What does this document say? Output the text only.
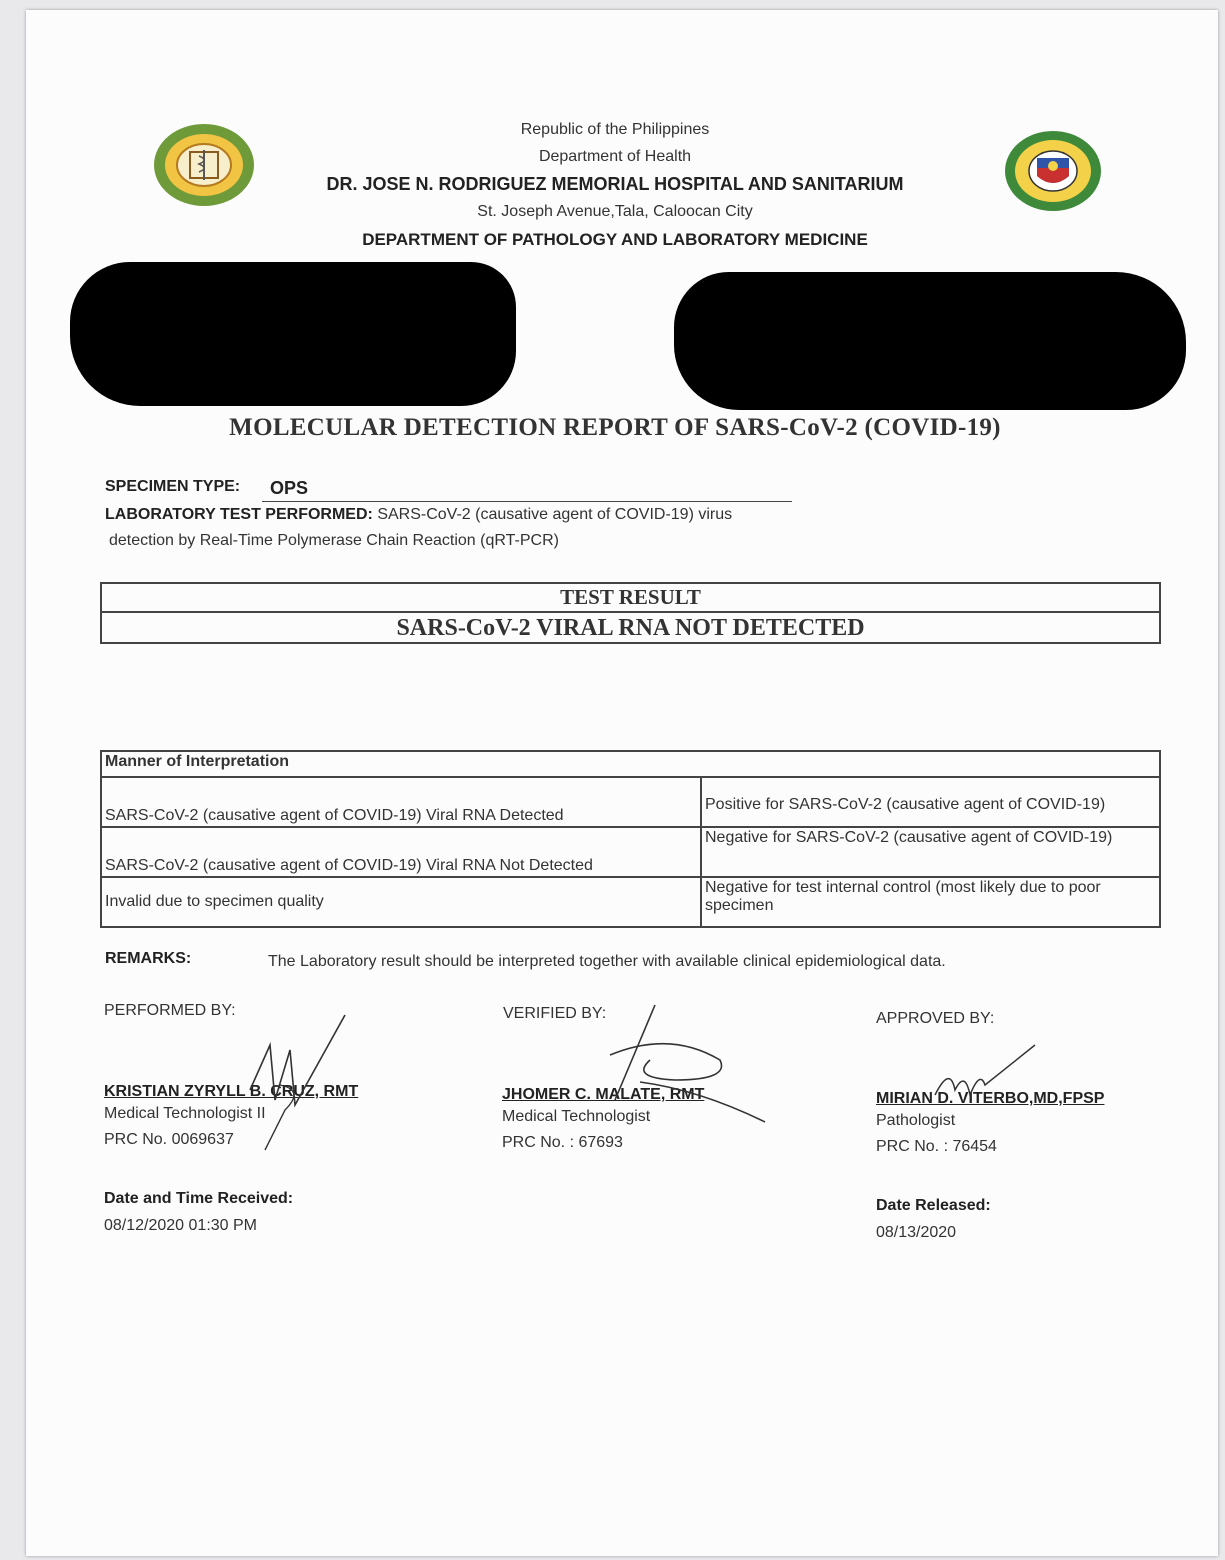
Republic of the Philippines
Department of Health
DR. JOSE N. RODRIGUEZ MEMORIAL HOSPITAL AND SANITARIUM
St. Joseph Avenue,Tala, Caloocan City
DEPARTMENT OF PATHOLOGY AND LABORATORY MEDICINE
MOLECULAR DETECTION REPORT OF SARS-CoV-2 (COVID-19)
SPECIMEN TYPE: OPS
LABORATORY TEST PERFORMED: SARS-CoV-2 (causative agent of COVID-19) virus
detection by Real-Time Polymerase Chain Reaction (qRT-PCR)
TEST RESULT
SARS-CoV-2 VIRAL RNA NOT DETECTED
Manner of Interpretation	
SARS-CoV-2 (causative agent of COVID-19) Viral RNA Detected	Positive for SARS-CoV-2 (causative agent of COVID-19)
SARS-CoV-2 (causative agent of COVID-19) Viral RNA Not Detected	Negative for SARS-CoV-2 (causative agent of COVID-19)
Invalid due to specimen quality	Negative for test internal control (most likely due to poor specimen
REMARKS:	The Laboratory result should be interpreted together with available clinical epidemiological data.
PERFORMED BY:	VERIFIED BY:	APPROVED BY:
KRISTIAN ZYRYLL B. CRUZ, RMT
Medical Technologist II
PRC No. 0069637
JHOMER C. MALATE, RMT
Medical Technologist
PRC No. : 67693
MIRIAN D. VITERBO,MD,FPSP
Pathologist
PRC No. : 76454
Date and Time Received:
08/12/2020 01:30 PM
Date Released:
08/13/2020
